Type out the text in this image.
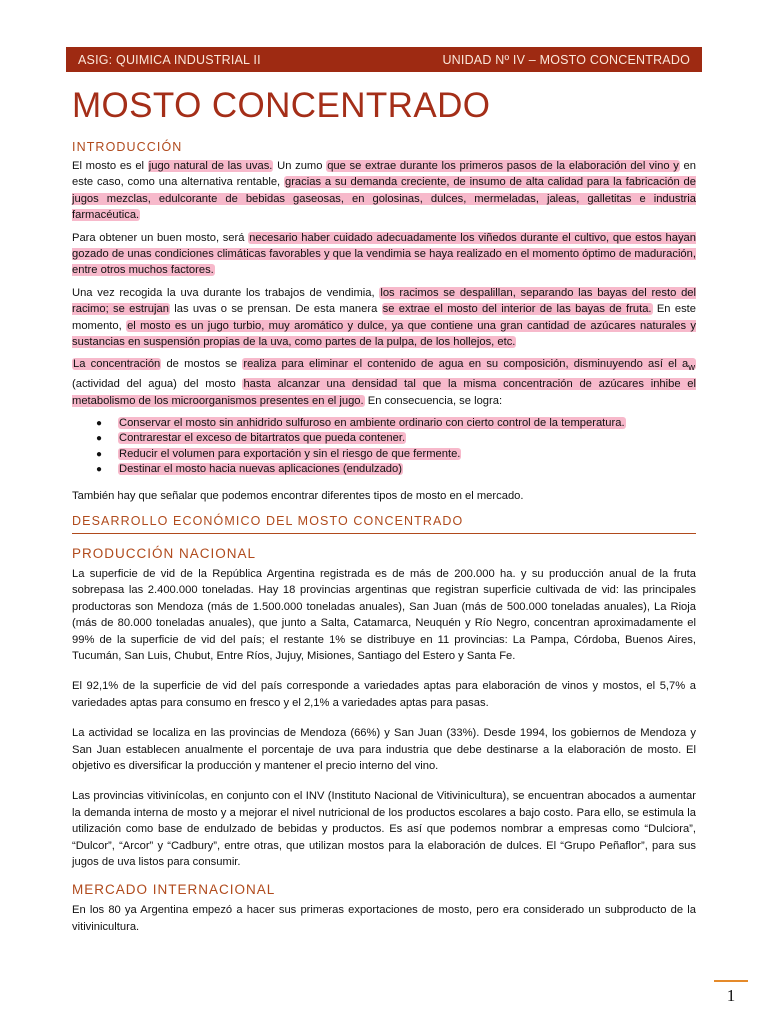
ASIG: QUIMICA INDUSTRIAL II	UNIDAD Nº IV – MOSTO CONCENTRADO
MOSTO CONCENTRADO
INTRODUCCIÓN

El mosto es el jugo natural de las uvas. Un zumo que se extrae durante los primeros pasos de la elaboración del vino y en este caso, como una alternativa rentable, gracias a su demanda creciente, de insumo de alta calidad para la fabricación de jugos mezclas, edulcorante de bebidas gaseosas, en golosinas, dulces, mermeladas, jaleas, galletitas e industria farmacéutica.

Para obtener un buen mosto, será necesario haber cuidado adecuadamente los viñedos durante el cultivo, que estos hayan gozado de unas condiciones climáticas favorables y que la vendimia se haya realizado en el momento óptimo de maduración, entre otros muchos factores.

Una vez recogida la uva durante los trabajos de vendimia, los racimos se despalillan, separando las bayas del resto del racimo; se estrujan las uvas o se prensan. De esta manera se extrae el mosto del interior de las bayas de fruta. En este momento, el mosto es un jugo turbio, muy aromático y dulce, ya que contiene una gran cantidad de azúcares naturales y sustancias en suspensión propias de la uva, como partes de la pulpa, de los hollejos, etc.

La concentración de mostos se realiza para eliminar el contenido de agua en su composición, disminuyendo así el $a_w$ (actividad del agua) del mosto hasta alcanzar una densidad tal que la misma concentración de azúcares inhibe el metabolismo de los microorganismos presentes en el jugo. En consecuencia, se logra:

● Conservar el mosto sin anhidrido sulfuroso en ambiente ordinario con cierto control de la temperatura.
● Contrarestar el exceso de bitartratos que pueda contener.
● Reducir el volumen para exportación y sin el riesgo de que fermente.
● Destinar el mosto hacia nuevas aplicaciones (endulzado)

También hay que señalar que podemos encontrar diferentes tipos de mosto en el mercado.

DESARROLLO ECONÓMICO DEL MOSTO CONCENTRADO
PRODUCCIÓN NACIONAL

La superficie de vid de la República Argentina registrada es de más de 200.000 ha. y su producción anual de la fruta sobrepasa las 2.400.000 toneladas. Hay 18 provincias argentinas que registran superficie cultivada de vid: las principales productoras son Mendoza (más de 1.500.000 toneladas anuales), San Juan (más de 500.000 toneladas anuales), La Rioja (más de 80.000 toneladas anuales), que junto a Salta, Catamarca, Neuquén y Río Negro, concentran aproximadamente el 99% de la superficie de vid del país; el restante 1% se distribuye en 11 provincias: La Pampa, Córdoba, Buenos Aires, Tucumán, San Luis, Chubut, Entre Ríos, Jujuy, Misiones, Santiago del Estero y Santa Fe.

El 92,1% de la superficie de vid del país corresponde a variedades aptas para elaboración de vinos y mostos, el 5,7% a variedades aptas para consumo en fresco y el 2,1% a variedades aptas para pasas.

La actividad se localiza en las provincias de Mendoza (66%) y San Juan (33%). Desde 1994, los gobiernos de Mendoza y San Juan establecen anualmente el porcentaje de uva para industria que debe destinarse a la elaboración de mosto. El objetivo es diversificar la producción y mantener el precio interno del vino.

Las provincias vitivinícolas, en conjunto con el INV (Instituto Nacional de Vitivinicultura), se encuentran abocados a aumentar la demanda interna de mosto y a mejorar el nivel nutricional de los productos escolares a bajo costo. Para ello, se estimula la utilización como base de endulzado de bebidas y productos. Es así que podemos nombrar a empresas como “Dulciora”, “Dulcor”, “Arcor” y “Cadbury”, entre otras, que utilizan mostos para la elaboración de dulces. El “Grupo Peñaflor”, para sus jugos de uva listos para consumir.

MERCADO INTERNACIONAL

En los 80 ya Argentina empezó a hacer sus primeras exportaciones de mosto, pero era considerado un subproducto de la vitivinicultura.

1
